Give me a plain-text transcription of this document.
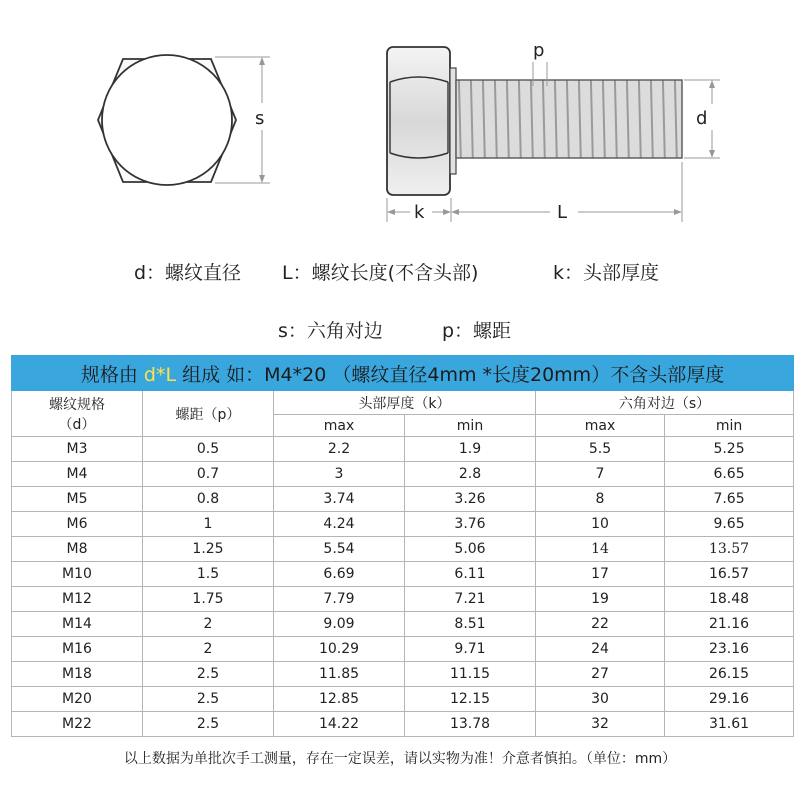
s
p
d
k	L
d：螺纹直径 L：螺纹长度(不含头部)	k：头部厚度
s：六角对边	p：螺距
规格由 d*L 组成 如：M4*20 （螺纹直径4mm *长度20mm）不含头部厚度					

螺纹规格
（d）	螺距（p）	头部厚度（k）		六角对边（s）	
		max	min	max	min
M3	0.5	2.2	1.9	5.5	5.25
M4	0.7	3	2.8	7	6.65
M5	0.8	3.74	3.26	8	7.65
M6	1	4.24	3.76	10	9.65
M8	1.25	5.54	5.06	14	13.57
M10	1.5	6.69	6.11	17	16.57
M12	1.75	7.79	7.21	19	18.48
M14	2	9.09	8.51	22	21.16
M16	2	10.29	9.71	24	23.16
M18	2.5	11.85	11.15	27	26.15
M20	2.5	12.85	12.15	30	29.16
M22	2.5	14.22	13.78	32	31.61
以上数据为单批次手工测量，存在一定误差，请以实物为准！介意者慎拍。（单位：mm）
